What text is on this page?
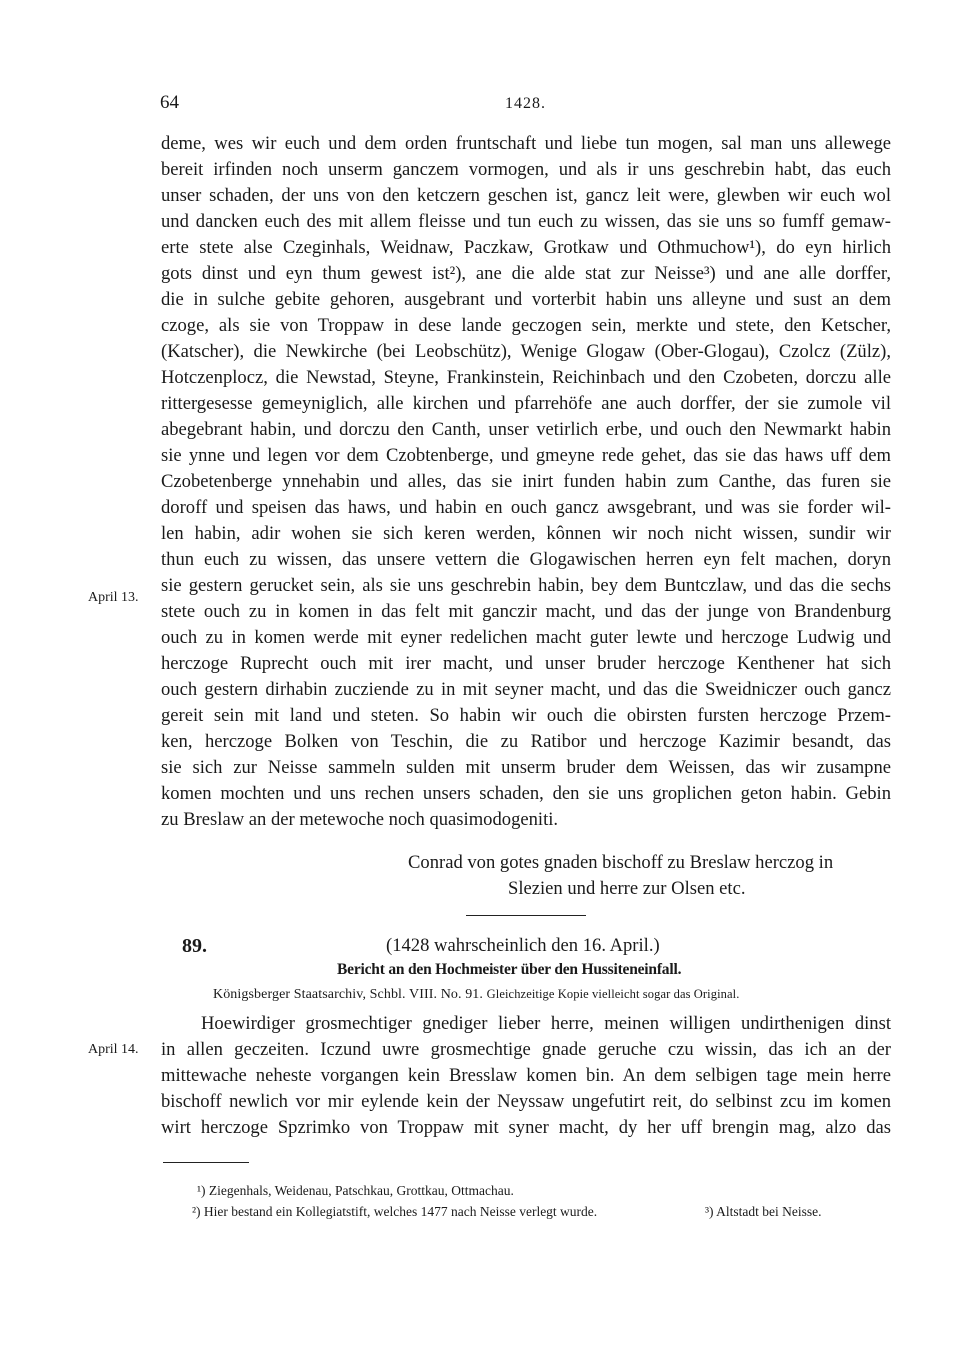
64	1428.
deme, wes wir euch und dem orden fruntschaft und liebe tun mogen, sal man uns allewege
bereit irfinden noch unserm ganczem vormogen, und als ir uns geschrebin habt, das euch
unser schaden, der uns von den ketczern geschen ist, gancz leit were, glewben wir euch wol
und dancken euch des mit allem fleisse und tun euch zu wissen, das sie uns so fumff gemaw-
erte stete alse Czeginhals, Weidnaw, Paczkaw, Grotkaw und Othmuchow¹), do eyn hirlich
gots dinst und eyn thum gewest ist²), ane die alde stat zur Neisse³) und ane alle dorffer,
die in sulche gebite gehoren, ausgebrant und vorterbit habin uns alleyne und sust an dem
czoge, als sie von Troppaw in dese lande geczogen sein, merkte und stete, den Ketscher,
(Katscher), die Newkirche (bei Leobschütz), Wenige Glogaw (Ober-Glogau), Czolcz (Zülz),
Hotczenplocz, die Newstad, Steyne, Frankinstein, Reichinbach und den Czobeten, dorczu alle
rittergesesse gemeyniglich, alle kirchen und pfarrehöfe ane auch dorffer, der sie zumole vil
abegebrant habin, und dorczu den Canth, unser vetirlich erbe, und ouch den Newmarkt habin
sie ynne und legen vor dem Czobtenberge, und gmeyne rede gehet, das sie das haws uff dem
Czobetenberge ynnehabin und alles, das sie inirt funden habin zum Canthe, das furen sie
doroff und speisen das haws, und habin en ouch gancz awsgebrant, und was sie forder wil-
len habin, adir wohen sie sich keren werden, kônnen wir noch nicht wissen, sundir wir
thun euch zu wissen, das unsere vettern die Glogawischen herren eyn felt machen, doryn
sie gestern gerucket sein, als sie uns geschrebin habin, bey dem Buntczlaw, und das die sechs
stete ouch zu in komen in das felt mit ganczir macht, und das der junge von Brandenburg
ouch zu in komen werde mit eyner redelichen macht guter lewte und herczoge Ludwig und
herczoge Ruprecht ouch mit irer macht, und unser bruder herczoge Kenthener hat sich
ouch gestern dirhabin zucziende zu in mit seyner macht, und das die Sweidniczer ouch gancz
gereit sein mit land und steten. So habin wir ouch die obirsten fursten herczoge Przem-
ken, herczoge Bolken von Teschin, die zu Ratibor und herczoge Kazimir besandt, das
sie sich zur Neisse sammeln sulden mit unserm bruder dem Weissen, das wir zusampne
komen mochten und uns rechen unsers schaden, den sie uns groplichen geton habin. Gebin
zu Breslaw an der metewoche noch quasimodogeniti.
April 13.
Conrad von gotes gnaden bischoff zu Breslaw herczog in
Slezien und herre zur Olsen etc.
89.	(1428 wahrscheinlich den 16. April.)
Bericht an den Hochmeister über den Hussiteneinfall.
Königsberger Staatsarchiv, Schbl. VIII. No. 91. Gleichzeitige Kopie vielleicht sogar das Original.
Hoewirdiger grosmechtiger gnediger lieber herre, meinen willigen undirthenigen dinst
in allen geczeiten. Iczund uwre grosmechtige gnade geruche czu wissin, das ich an der
mittewache neheste vorgangen kein Bresslaw komen bin. An dem selbigen tage mein herre
bischoff newlich vor mir eylende kein der Neyssaw ungefutirt reit, do selbinst zcu im komen
wirt herczoge Spzrimko von Troppaw mit syner macht, dy her uff brengin mag, alzo das
April 14.
¹) Ziegenhals, Weidenau, Patschkau, Grottkau, Ottmachau.
²) Hier bestand ein Kollegiatstift, welches 1477 nach Neisse verlegt wurde.	³) Altstadt bei Neisse.
